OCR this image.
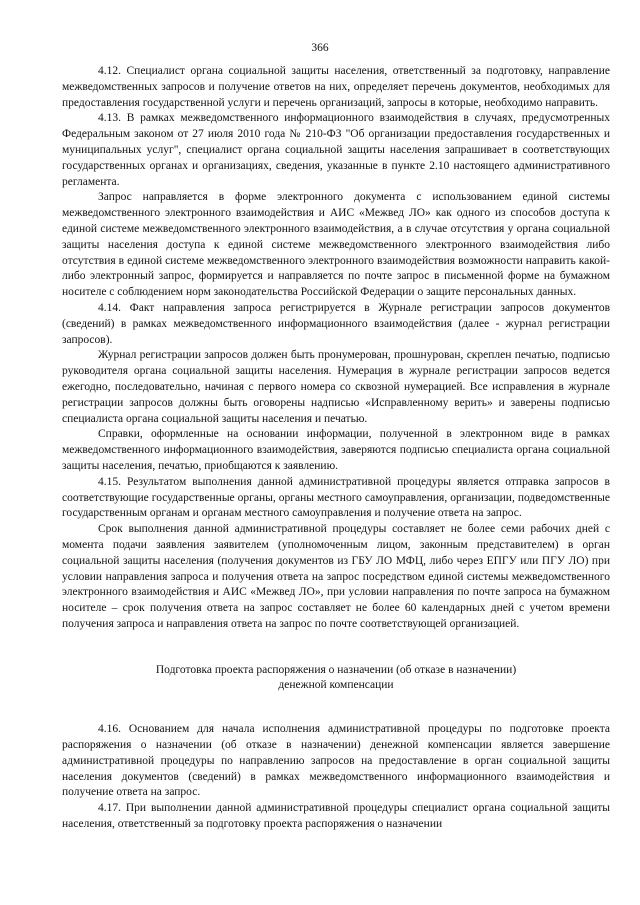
366

4.12. Специалист органа социальной защиты населения, ответственный за подготовку, направление межведомственных запросов и получение ответов на них, определяет перечень документов, необходимых для предоставления государственной услуги и перечень организаций, запросы в которые, необходимо направить.

4.13. В рамках межведомственного информационного взаимодействия в случаях, предусмотренных Федеральным законом от 27 июля 2010 года № 210-ФЗ "Об организации предоставления государственных и муниципальных услуг", специалист органа социальной защиты населения запрашивает в соответствующих государственных органах и организациях, сведения, указанные в пункте 2.10 настоящего административного регламента.

Запрос направляется в форме электронного документа с использованием единой системы межведомственного электронного взаимодействия и АИС «Межвед ЛО» как одного из способов доступа к единой системе межведомственного электронного взаимодействия, а в случае отсутствия у органа социальной защиты населения доступа к единой системе межведомственного электронного взаимодействия либо отсутствия в единой системе межведомственного электронного взаимодействия возможности направить какой-либо электронный запрос, формируется и направляется по почте запрос в письменной форме на бумажном носителе с соблюдением норм законодательства Российской Федерации о защите персональных данных.

4.14. Факт направления запроса регистрируется в Журнале регистрации запросов документов (сведений) в рамках межведомственного информационного взаимодействия (далее - журнал регистрации запросов).

Журнал регистрации запросов должен быть пронумерован, прошнурован, скреплен печатью, подписью руководителя органа социальной защиты населения. Нумерация в журнале регистрации запросов ведется ежегодно, последовательно, начиная с первого номера со сквозной нумерацией. Все исправления в журнале регистрации запросов должны быть оговорены надписью «Исправленному верить» и заверены подписью специалиста органа социальной защиты населения и печатью.

Справки, оформленные на основании информации, полученной в электронном виде в рамках межведомственного информационного взаимодействия, заверяются подписью специалиста органа социальной защиты населения, печатью, приобщаются к заявлению.

4.15. Результатом выполнения данной административной процедуры является отправка запросов в соответствующие государственные органы, органы местного самоуправления, организации, подведомственные государственным органам и органам местного самоуправления и получение ответа на запрос.

Срок выполнения данной административной процедуры составляет не более семи рабочих дней с момента подачи заявления заявителем (уполномоченным лицом, законным представителем) в орган социальной защиты населения (получения документов из ГБУ ЛО МФЦ, либо через ЕПГУ или ПГУ ЛО) при условии направления запроса и получения ответа на запрос посредством единой системы межведомственного электронного взаимодействия и АИС «Межвед ЛО», при условии направления по почте запроса на бумажном носителе – срок получения ответа на запрос составляет не более 60 календарных дней с учетом времени получения запроса и направления ответа на запрос по почте соответствующей организацией.

Подготовка проекта распоряжения о назначении (об отказе в назначении)
денежной компенсации

4.16. Основанием для начала исполнения административной процедуры по подготовке проекта распоряжения о назначении (об отказе в назначении) денежной компенсации является завершение административной процедуры по направлению запросов на предоставление в орган социальной защиты населения документов (сведений) в рамках межведомственного информационного взаимодействия и получение ответа на запрос.

4.17. При выполнении данной административной процедуры специалист органа социальной защиты населения, ответственный за подготовку проекта распоряжения о назначении
